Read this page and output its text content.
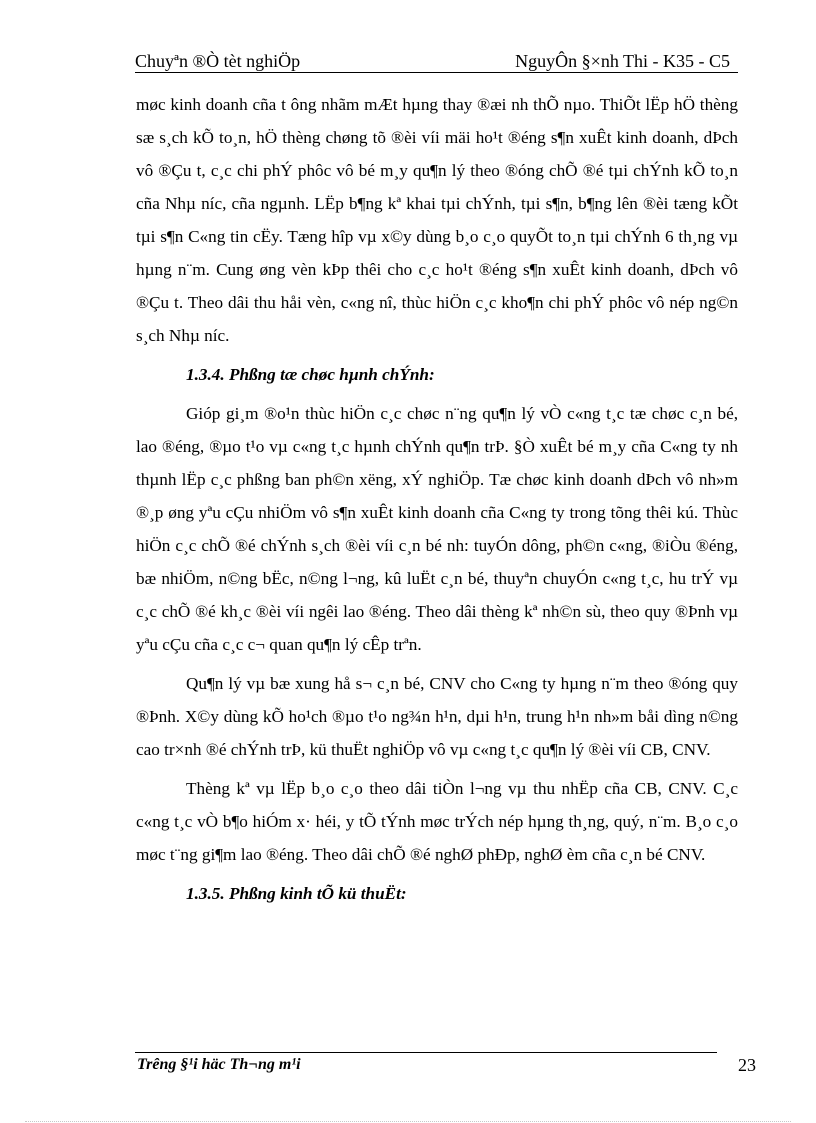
Chuyªn ®Ò tèt nghiÖp	NguyÔn §×nh Thi - K35 - C5

møc kinh doanh cña t ông nhãm mÆt hµng thay ®æi nh thÕ nµo. ThiÕt lËp hÖ thèng sæ s¸ch kÕ to¸n, hÖ thèng chøng tõ ®èi víi mäi ho¹t ®éng s¶n xuÊt kinh doanh, dÞch vô ®Çu t, c¸c chi phÝ phôc vô bé m¸y qu¶n lý theo ®óng chÕ ®é tµi chÝnh kÕ to¸n cña Nhµ níc, cña ngµnh. LËp b¶ng kª khai tµi chÝnh, tµi s¶n, b¶ng lên ®èi tæng kÕt tµi s¶n C«ng tin cËy. Tæng hîp vµ x©y dùng b¸o c¸o quyÕt to¸n tµi chÝnh 6 th¸ng vµ hµng n¨m. Cung øng vèn kÞp thêi cho c¸c ho¹t ®éng s¶n xuÊt kinh doanh, dÞch vô ®Çu t. Theo dâi thu håi vèn, c«ng nî, thùc hiÖn c¸c kho¶n chi phÝ phôc vô nép ng©n s¸ch Nhµ níc.

1.3.4. Phßng tæ chøc hµnh chÝnh:

Gióp gi¸m ®o¹n thùc hiÖn c¸c chøc n¨ng qu¶n lý vÒ c«ng t¸c tæ chøc c¸n bé, lao ®éng, ®µo t¹o vµ c«ng t¸c hµnh chÝnh qu¶n trÞ. §Ò xuÊt bé m¸y cña C«ng ty nh thµnh lËp c¸c phßng ban ph©n xëng, xÝ nghiÖp. Tæ chøc kinh doanh dÞch vô nh»m ®¸p øng yªu cÇu nhiÖm vô s¶n xuÊt kinh doanh cña C«ng ty trong tõng thêi kú. Thùc hiÖn c¸c chÕ ®é chÝnh s¸ch ®èi víi c¸n bé nh: tuyÓn dông, ph©n c«ng, ®iÒu ®éng, bæ nhiÖm, n©ng bËc, n©ng l¬ng, kû luËt c¸n bé, thuyªn chuyÓn c«ng t¸c, hu trÝ vµ c¸c chÕ ®é kh¸c ®èi víi ngêi lao ®éng. Theo dâi thèng kª nh©n sù, theo quy ®Þnh vµ yªu cÇu cña c¸c c¬ quan qu¶n lý cÊp trªn.

Qu¶n lý vµ bæ xung hå s¬ c¸n bé, CNV cho C«ng ty hµng n¨m theo ®óng quy ®Þnh. X©y dùng kÕ ho¹ch ®µo t¹o ng¾n h¹n, dµi h¹n, trung h¹n nh»m båi dìng n©ng cao tr×nh ®é chÝnh trÞ, kü thuËt nghiÖp vô vµ c«ng t¸c qu¶n lý ®èi víi CB, CNV.

Thèng kª vµ lËp b¸o c¸o theo dâi tiÒn l¬ng vµ thu nhËp cña CB, CNV. C¸c c«ng t¸c vÒ b¶o hiÓm x· héi, y tÕ tÝnh møc trÝch nép hµng th¸ng, quý, n¨m. B¸o c¸o møc t¨ng gi¶m lao ®éng. Theo dâi chÕ ®é nghØ phÐp, nghØ èm cña c¸n bé CNV.

1.3.5. Phßng kinh tÕ kü thuËt:
Trêng §¹i häc Th¬ng m¹i	23
